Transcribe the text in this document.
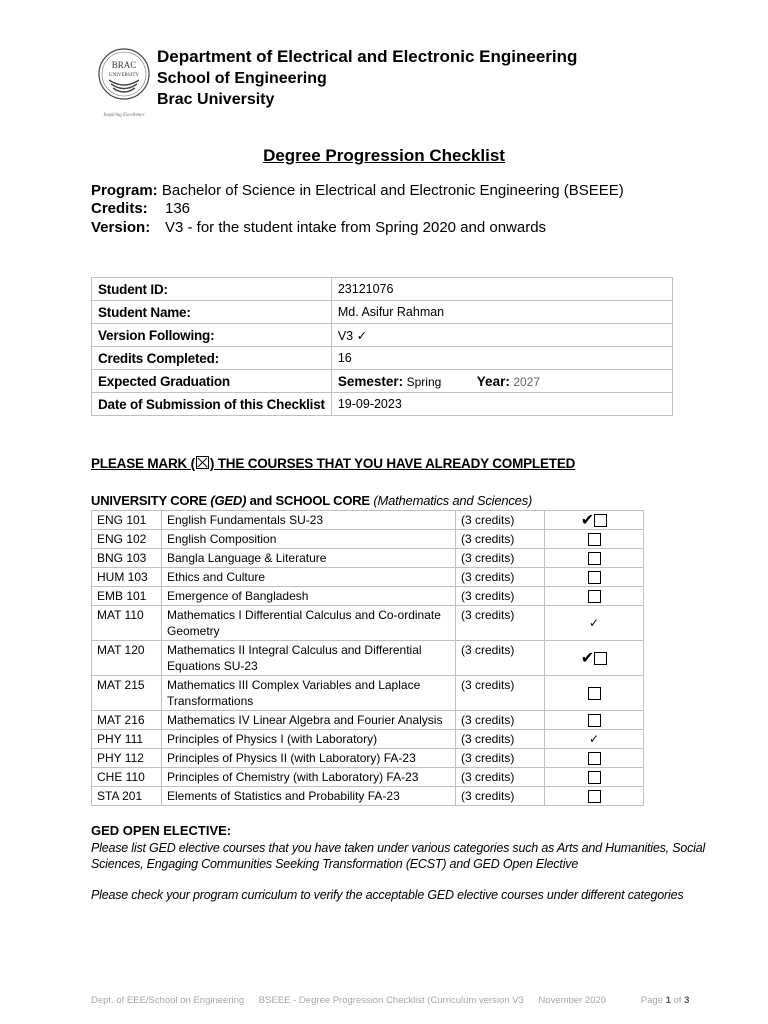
BRAC
UNIVERSITY
Inspiring Excellence
Department of Electrical and Electronic Engineering
School of Engineering
Brac University
Degree Progression Checklist
Program: Bachelor of Science in Electrical and Electronic Engineering (BSEEE)
Credits: 136
Version: V3 - for the student intake from Spring 2020 and onwards
Student ID:	23121076
Student Name:	Md. Asifur Rahman
Version Following:	V3 ✓
Credits Completed:	16
Expected Graduation	Semester: Spring Year: 2027
Date of Submission of this Checklist	19-09-2023
PLEASE MARK ( ) THE COURSES THAT YOU HAVE ALREADY COMPLETED
UNIVERSITY CORE (GED) and SCHOOL CORE (Mathematics and Sciences)
ENG 101	English Fundamentals SU-23	(3 credits)	✔
ENG 102	English Composition	(3 credits)	
BNG 103	Bangla Language & Literature	(3 credits)	
HUM 103	Ethics and Culture	(3 credits)	
EMB 101	Emergence of Bangladesh	(3 credits)	
MAT 110	Mathematics I Differential Calculus and Co-ordinate Geometry	(3 credits)	✓
MAT 120	Mathematics II Integral Calculus and Differential Equations SU-23	(3 credits)	✔
MAT 215	Mathematics III Complex Variables and Laplace Transformations	(3 credits)	
MAT 216	Mathematics IV Linear Algebra and Fourier Analysis	(3 credits)	
PHY 111	Principles of Physics I (with Laboratory)	(3 credits)	✓
PHY 112	Principles of Physics II (with Laboratory) FA-23	(3 credits)	
CHE 110	Principles of Chemistry (with Laboratory) FA-23	(3 credits)	
STA 201	Elements of Statistics and Probability FA-23	(3 credits)	
GED OPEN ELECTIVE:
Please list GED elective courses that you have taken under various categories such as Arts and Humanities, Social Sciences, Engaging Communities Seeking Transformation (ECST) and GED Open Elective
Please check your program curriculum to verify the acceptable GED elective courses under different categories
Dept. of EEE/School on Engineering BSEEE - Degree Progression Checklist (Curriculum version V3 November 2020	Page 1 of 3
